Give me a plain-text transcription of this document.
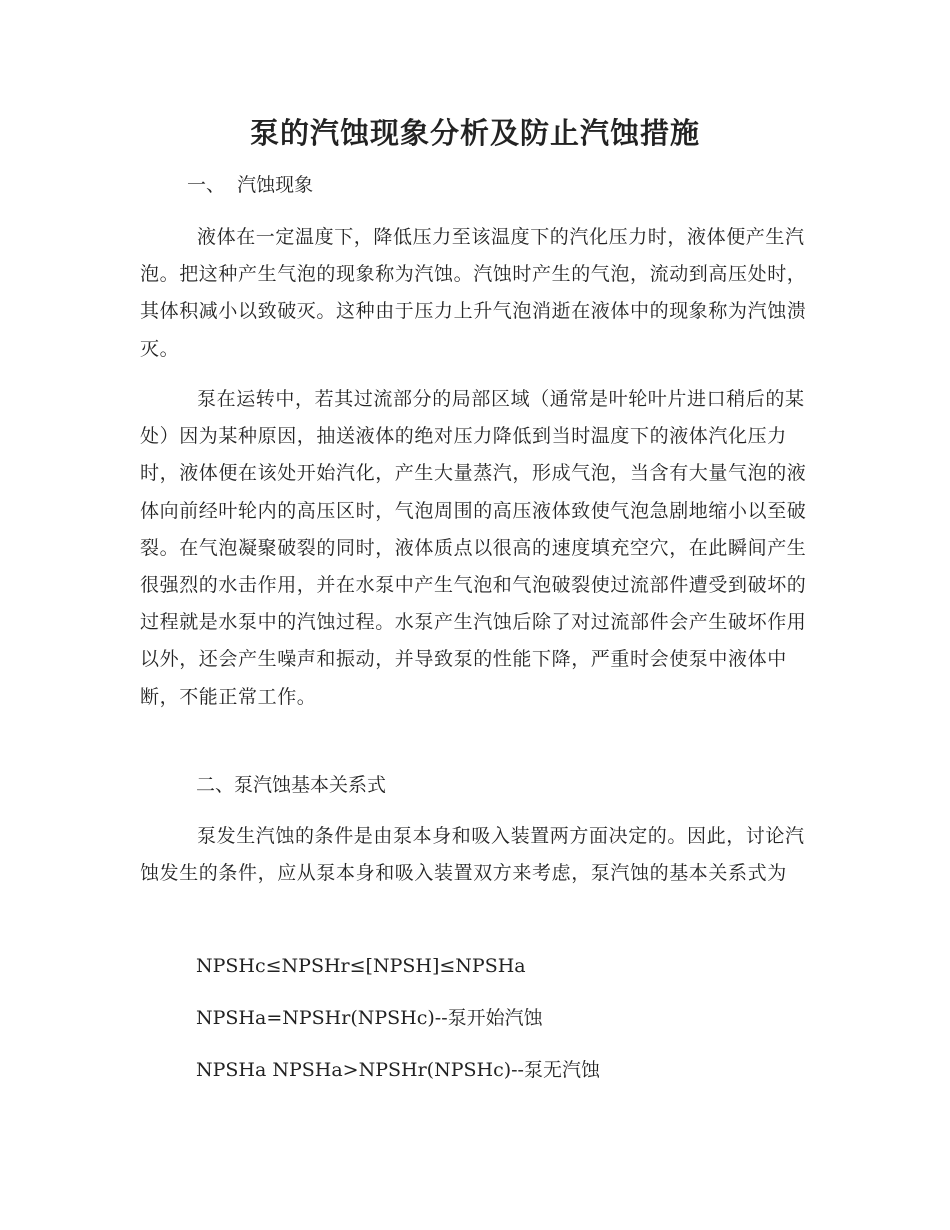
泵的汽蚀现象分析及防止汽蚀措施

一、  汽蚀现象

液体在一定温度下，降低压力至该温度下的汽化压力时，液体便产生汽泡。把这种产生气泡的现象称为汽蚀。汽蚀时产生的气泡，流动到高压处时，其体积减小以致破灭。这种由于压力上升气泡消逝在液体中的现象称为汽蚀溃灭。

泵在运转中，若其过流部分的局部区域（通常是叶轮叶片进口稍后的某处）因为某种原因，抽送液体的绝对压力降低到当时温度下的液体汽化压力时，液体便在该处开始汽化，产生大量蒸汽，形成气泡，当含有大量气泡的液体向前经叶轮内的高压区时，气泡周围的高压液体致使气泡急剧地缩小以至破裂。在气泡凝聚破裂的同时，液体质点以很高的速度填充空穴，在此瞬间产生很强烈的水击作用，并在水泵中产生气泡和气泡破裂使过流部件遭受到破坏的过程就是水泵中的汽蚀过程。水泵产生汽蚀后除了对过流部件会产生破坏作用以外，还会产生噪声和振动，并导致泵的性能下降，严重时会使泵中液体中断，不能正常工作。

二、泵汽蚀基本关系式

泵发生汽蚀的条件是由泵本身和吸入装置两方面决定的。因此，讨论汽蚀发生的条件，应从泵本身和吸入装置双方来考虑，泵汽蚀的基本关系式为

NPSHc≤NPSHr≤[NPSH]≤NPSHa

NPSHa=NPSHr(NPSHc)--泵开始汽蚀

NPSHa NPSHa>NPSHr(NPSHc)--泵无汽蚀
